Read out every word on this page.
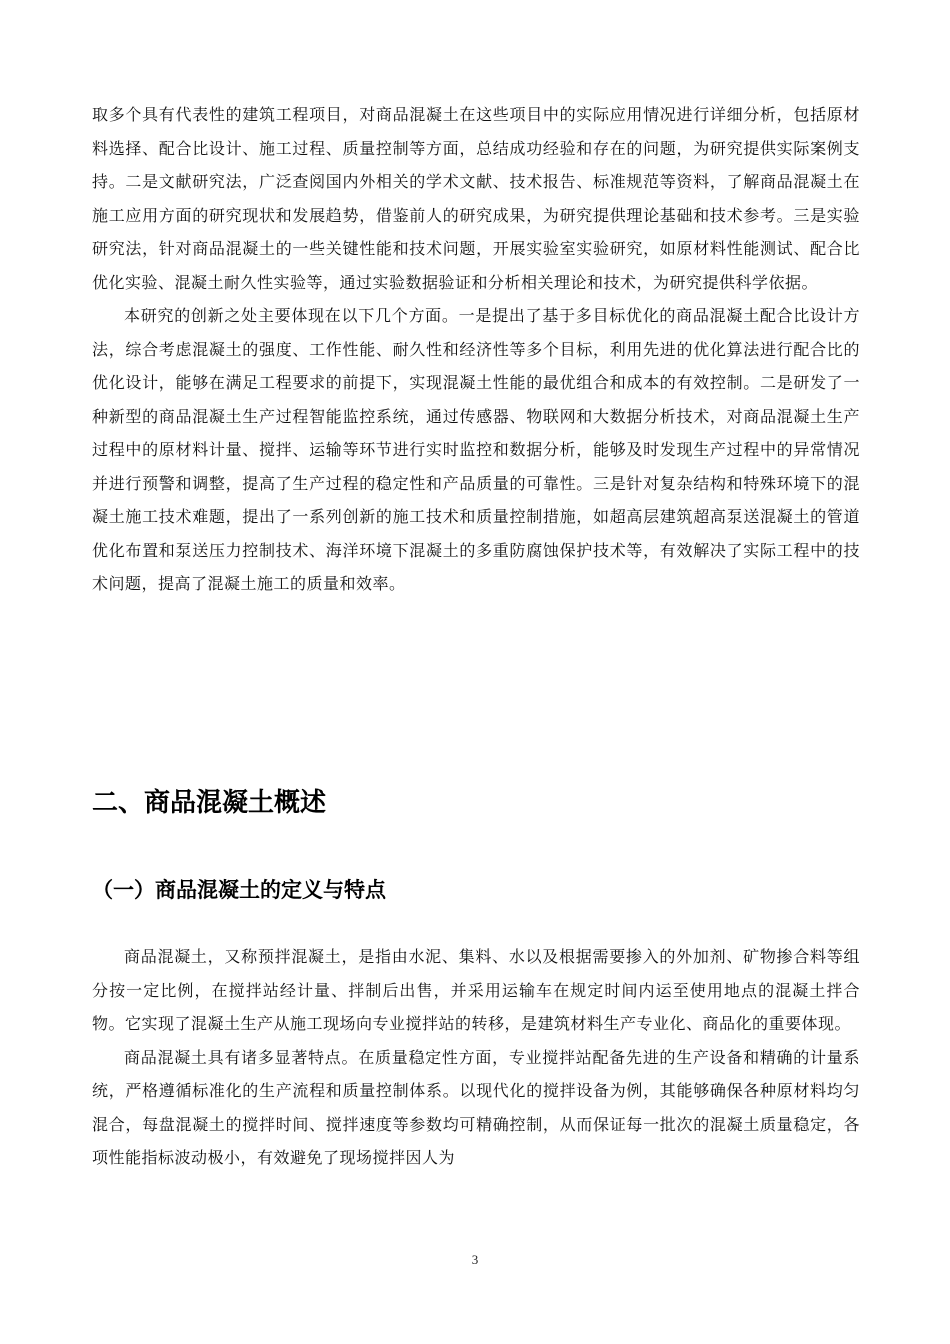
取多个具有代表性的建筑工程项目，对商品混凝土在这些项目中的实际应用情况进行详细分析，包括原材料选择、配合比设计、施工过程、质量控制等方面，总结成功经验和存在的问题，为研究提供实际案例支持。二是文献研究法，广泛查阅国内外相关的学术文献、技术报告、标准规范等资料，了解商品混凝土在施工应用方面的研究现状和发展趋势，借鉴前人的研究成果，为研究提供理论基础和技术参考。三是实验研究法，针对商品混凝土的一些关键性能和技术问题，开展实验室实验研究，如原材料性能测试、配合比优化实验、混凝土耐久性实验等，通过实验数据验证和分析相关理论和技术，为研究提供科学依据。

本研究的创新之处主要体现在以下几个方面。一是提出了基于多目标优化的商品混凝土配合比设计方法，综合考虑混凝土的强度、工作性能、耐久性和经济性等多个目标，利用先进的优化算法进行配合比的优化设计，能够在满足工程要求的前提下，实现混凝土性能的最优组合和成本的有效控制。二是研发了一种新型的商品混凝土生产过程智能监控系统，通过传感器、物联网和大数据分析技术，对商品混凝土生产过程中的原材料计量、搅拌、运输等环节进行实时监控和数据分析，能够及时发现生产过程中的异常情况并进行预警和调整，提高了生产过程的稳定性和产品质量的可靠性。三是针对复杂结构和特殊环境下的混凝土施工技术难题，提出了一系列创新的施工技术和质量控制措施，如超高层建筑超高泵送混凝土的管道优化布置和泵送压力控制技术、海洋环境下混凝土的多重防腐蚀保护技术等，有效解决了实际工程中的技术问题，提高了混凝土施工的质量和效率。

二、商品混凝土概述
（一）商品混凝土的定义与特点

商品混凝土，又称预拌混凝土，是指由水泥、集料、水以及根据需要掺入的外加剂、矿物掺合料等组分按一定比例，在搅拌站经计量、拌制后出售，并采用运输车在规定时间内运至使用地点的混凝土拌合物。它实现了混凝土生产从施工现场向专业搅拌站的转移，是建筑材料生产专业化、商品化的重要体现。

商品混凝土具有诸多显著特点。在质量稳定性方面，专业搅拌站配备先进的生产设备和精确的计量系统，严格遵循标准化的生产流程和质量控制体系。以现代化的搅拌设备为例，其能够确保各种原材料均匀混合，每盘混凝土的搅拌时间、搅拌速度等参数均可精确控制，从而保证每一批次的混凝土质量稳定，各项性能指标波动极小，有效避免了现场搅拌因人为

3
